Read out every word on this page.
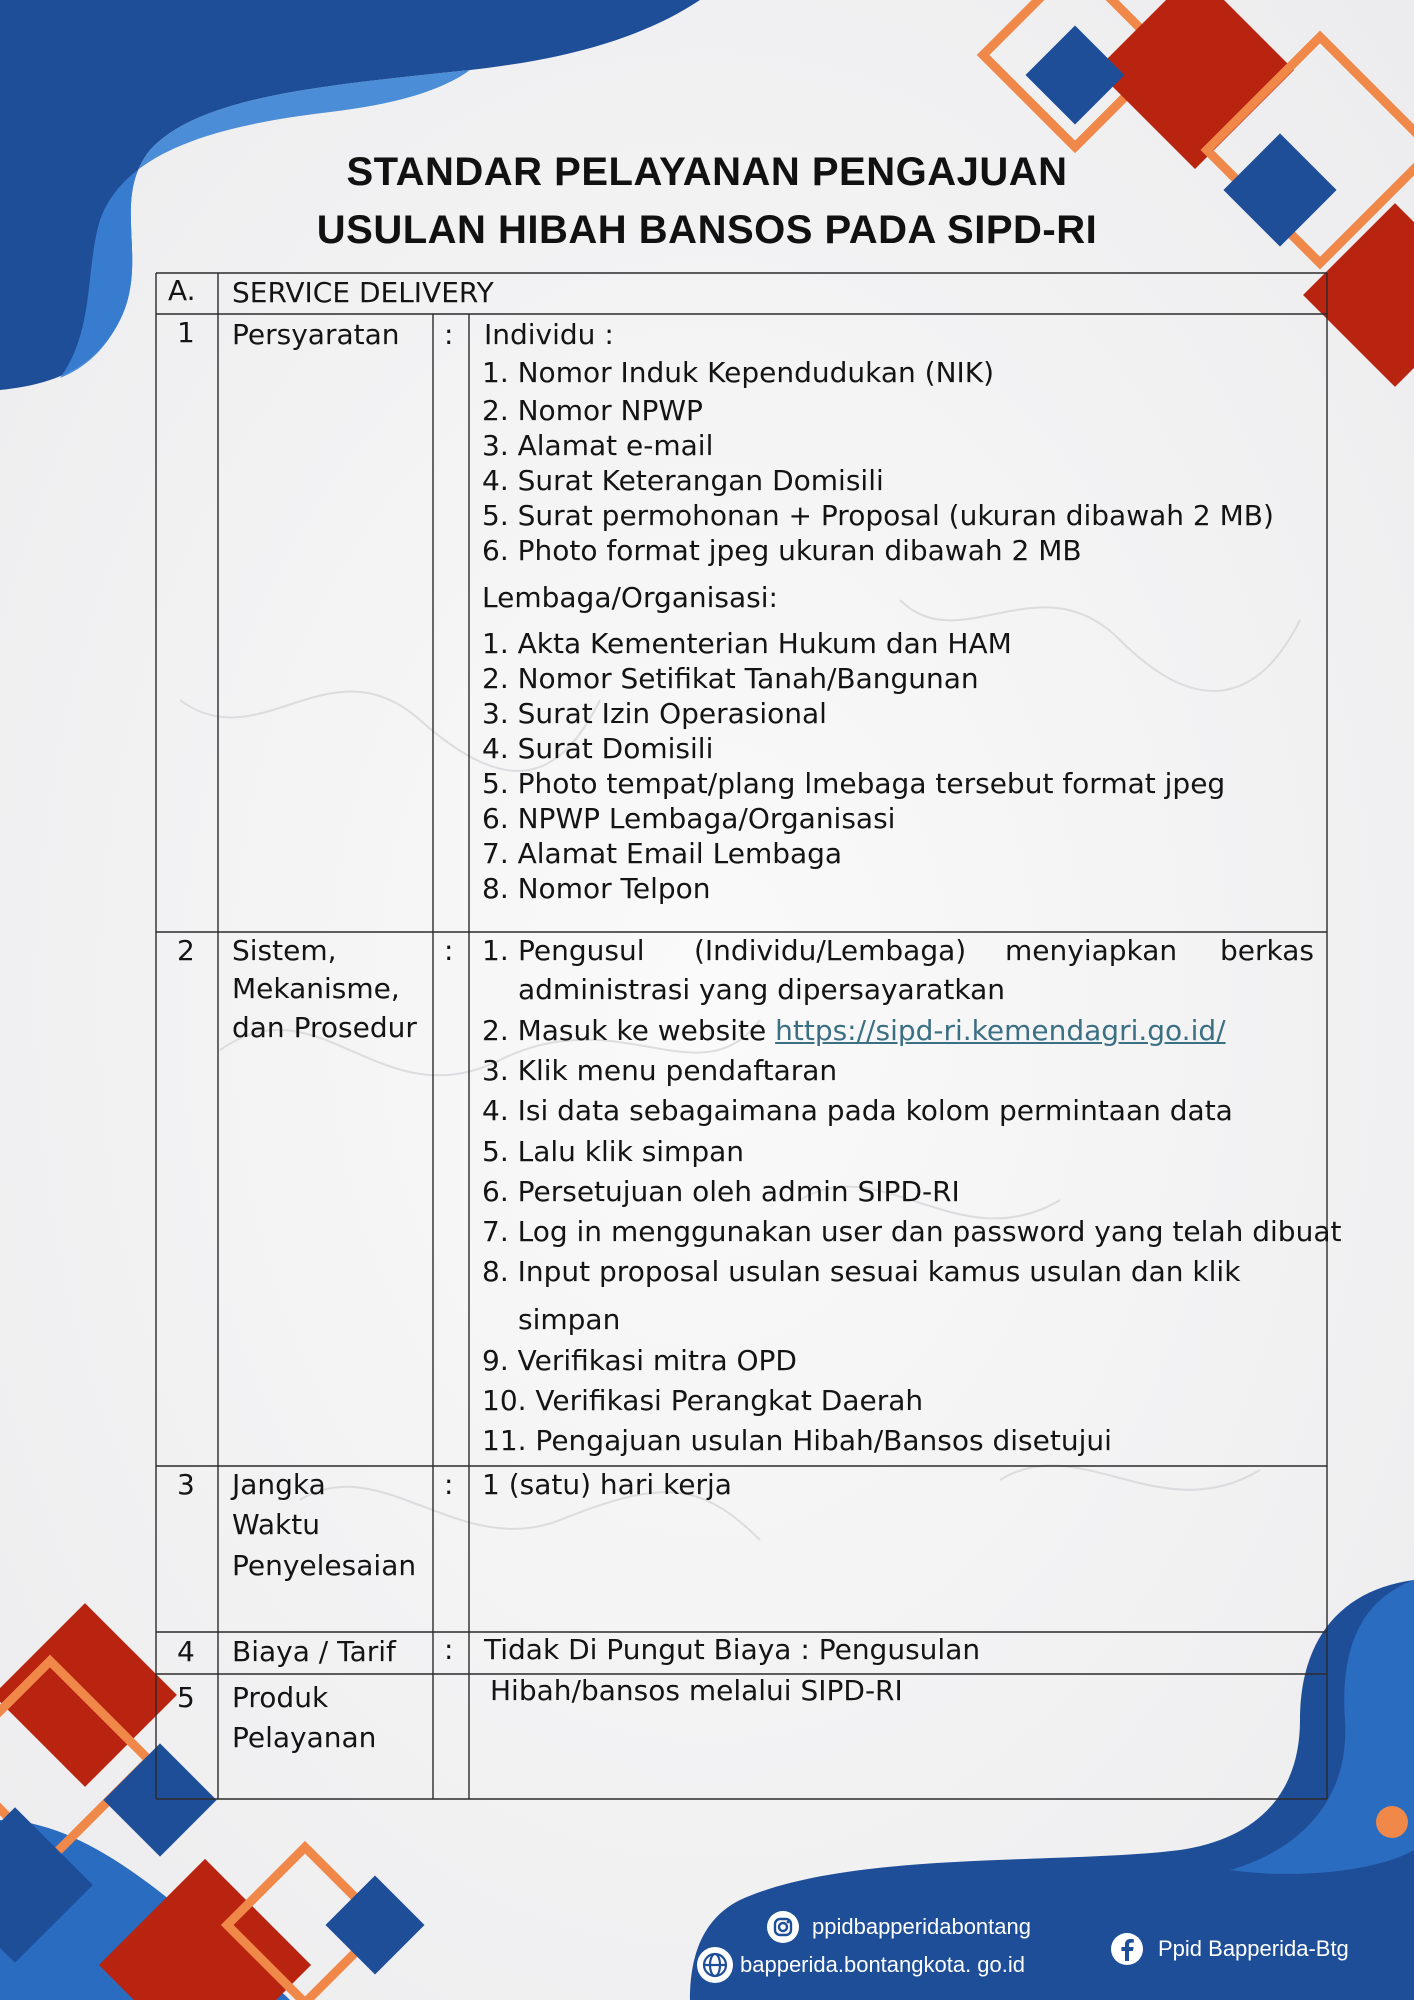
STANDAR PELAYANAN PENGAJUAN
USULAN HIBAH BANSOS PADA SIPD-RI
A. SERVICE DELIVERY
1 Persyaratan : Individu :
1. Nomor Induk Kependudukan (NIK)
2. Nomor NPWP
3. Alamat e-mail
4. Surat Keterangan Domisili
5. Surat permohonan + Proposal (ukuran dibawah 2 MB)
6. Photo format jpeg ukuran dibawah 2 MB
Lembaga/Organisasi:
1. Akta Kementerian Hukum dan HAM
2. Nomor Setifikat Tanah/Bangunan
3. Surat Izin Operasional
4. Surat Domisili
5. Photo tempat/plang lmebaga tersebut format jpeg
6. NPWP Lembaga/Organisasi
7. Alamat Email Lembaga
8. Nomor Telpon
2 Sistem,
Mekanisme,
dan Prosedur
: 1. Pengusul (Individu/Lembaga) menyiapkan berkas
administrasi yang dipersayaratkan
2. Masuk ke website https://sipd-ri.kemendagri.go.id/
3. Klik menu pendaftaran
4. Isi data sebagaimana pada kolom permintaan data
5. Lalu klik simpan
6. Persetujuan oleh admin SIPD-RI
7. Log in menggunakan user dan password yang telah dibuat
8. Input proposal usulan sesuai kamus usulan dan klik
simpan
9. Verifikasi mitra OPD
10. Verifikasi Perangkat Daerah
11. Pengajuan usulan Hibah/Bansos disetujui
3 Jangka
Waktu
Penyelesaian
: 1 (satu) hari kerja
4 Biaya / Tarif : Tidak Di Pungut Biaya : Pengusulan
5 Produk
Pelayanan
Hibah/bansos melalui SIPD-RI
ppidbapperidabontang
bapperida.bontangkota. go.id
Ppid Bapperida-Btg
